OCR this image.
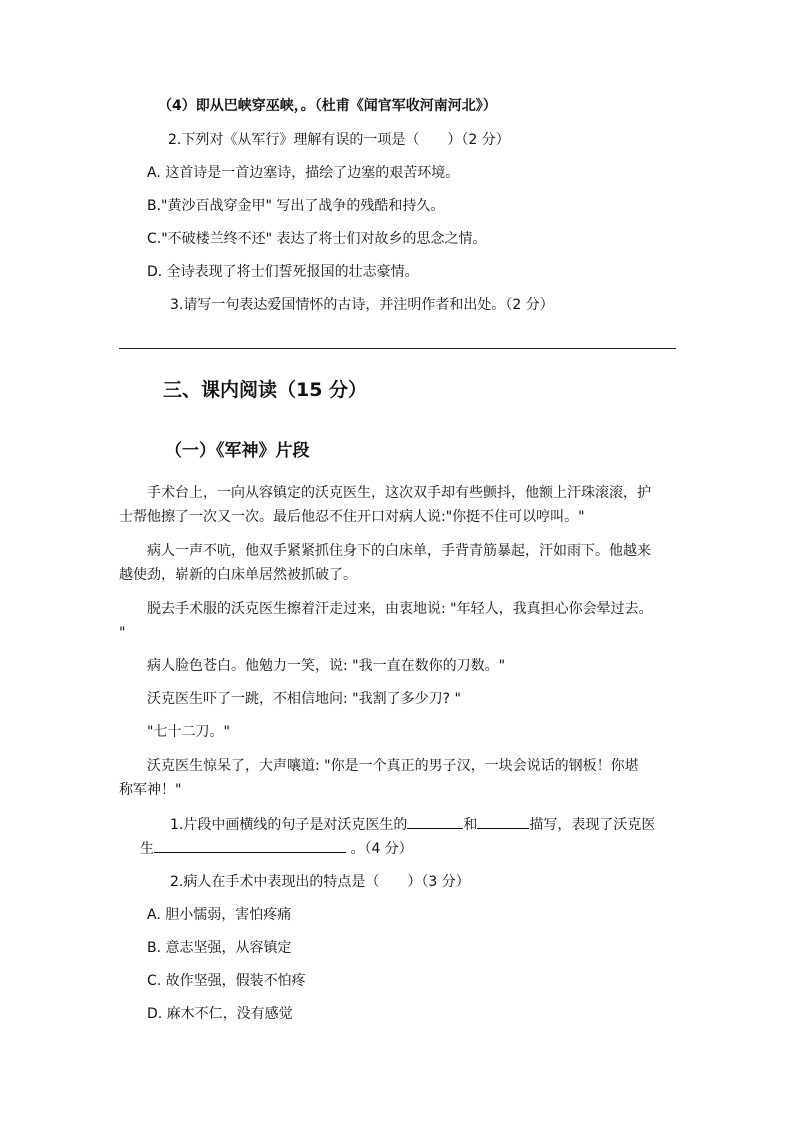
（4）即从巴峡穿巫峡，。（杜甫《闻官军收河南河北》）
2.下列对《从军行》理解有误的一项是（　　）（2 分）
A. 这首诗是一首边塞诗，描绘了边塞的艰苦环境。
B."黄沙百战穿金甲" 写出了战争的残酷和持久。
C."不破楼兰终不还" 表达了将士们对故乡的思念之情。
D. 全诗表现了将士们誓死报国的壮志豪情。
3.请写一句表达爱国情怀的古诗，并注明作者和出处。（2 分）
三、课内阅读（15 分）
（一）《军神》片段
手术台上，一向从容镇定的沃克医生，这次双手却有些颤抖，他额上汗珠滚滚，护
士帮他擦了一次又一次。最后他忍不住开口对病人说:"你挺不住可以哼叫。"
病人一声不吭，他双手紧紧抓住身下的白床单，手背青筋暴起，汗如雨下。他越来
越使劲，崭新的白床单居然被抓破了。
脱去手术服的沃克医生擦着汗走过来，由衷地说: "年轻人，我真担心你会晕过去。
"
病人脸色苍白。他勉力一笑，说: "我一直在数你的刀数。"
沃克医生吓了一跳，不相信地问: "我割了多少刀? "
"七十二刀。"
沃克医生惊呆了，大声嚷道: "你是一个真正的男子汉，一块会说话的钢板！你堪
称军神！"
1.片段中画横线的句子是对沃克医生的	和	描写，表现了沃克医
生	。（4 分）
2.病人在手术中表现出的特点是（　　）（3 分）
A. 胆小懦弱，害怕疼痛
B. 意志坚强，从容镇定
C. 故作坚强，假装不怕疼
D. 麻木不仁，没有感觉
